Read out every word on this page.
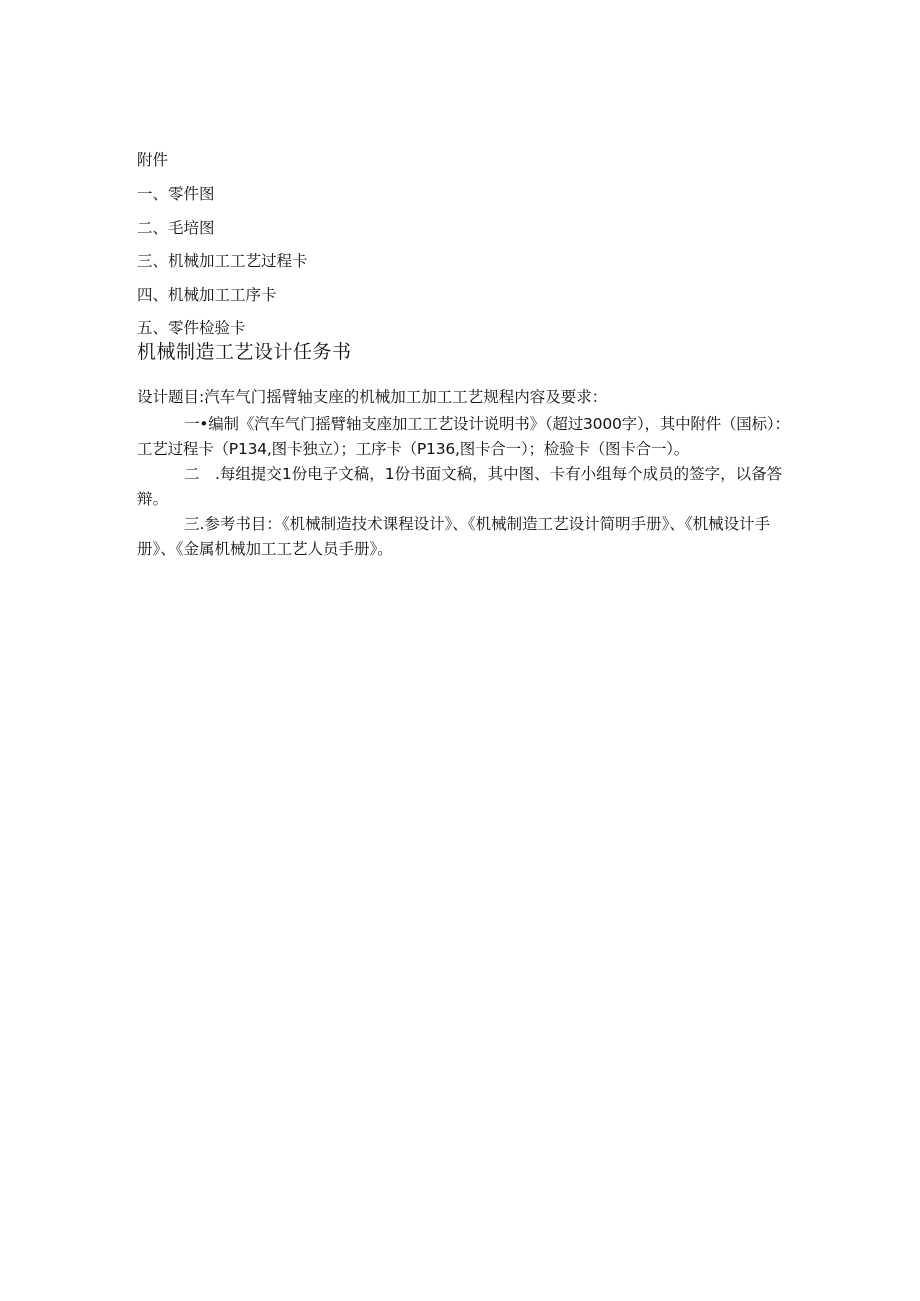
附件
一、零件图
二、毛培图
三、机械加工工艺过程卡
四、机械加工工序卡
五、零件检验卡
机械制造工艺设计任务书

设计题目:汽车气门摇臂轴支座的机械加工加工工艺规程内容及要求：

一•编制《汽车气门摇臂轴支座加工工艺设计说明书》（超过3000字），其中附件（国标）：工艺过程卡（P134,图卡独立）；工序卡（P136,图卡合一）；检验卡（图卡合一）。

二　.每组提交1份电子文稿，1份书面文稿，其中图、卡有小组每个成员的签字，以备答辩。

三.参考书目：《机械制造技术课程设计》、《机械制造工艺设计简明手册》、《机械设计手册》、《金属机械加工工艺人员手册》。
